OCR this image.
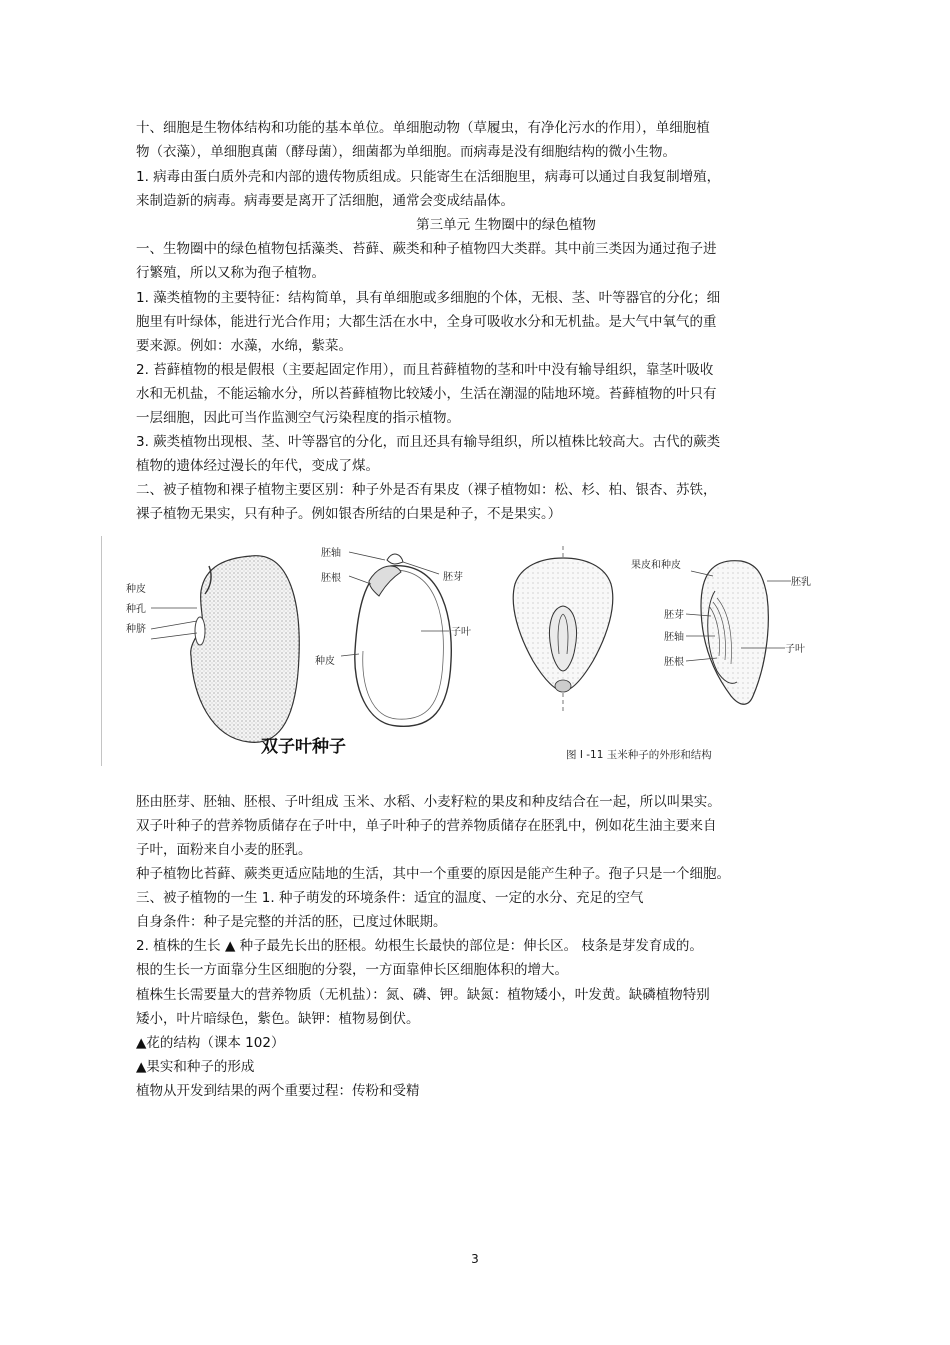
十、细胞是生物体结构和功能的基本单位。单细胞动物（草履虫，有净化污水的作用），单细胞植
物（衣藻），单细胞真菌（酵母菌），细菌都为单细胞。而病毒是没有细胞结构的微小生物。
1. 病毒由蛋白质外壳和内部的遗传物质组成。只能寄生在活细胞里，病毒可以通过自我复制增殖，
来制造新的病毒。病毒要是离开了活细胞，通常会变成结晶体。
第三单元 生物圈中的绿色植物
一、生物圈中的绿色植物包括藻类、苔藓、蕨类和种子植物四大类群。其中前三类因为通过孢子进
行繁殖，所以又称为孢子植物。
1. 藻类植物的主要特征：结构简单，具有单细胞或多细胞的个体，无根、茎、叶等器官的分化；细
胞里有叶绿体，能进行光合作用；大都生活在水中，全身可吸收水分和无机盐。是大气中氧气的重
要来源。例如：水藻，水绵，紫菜。
2. 苔藓植物的根是假根（主要起固定作用），而且苔藓植物的茎和叶中没有输导组织，靠茎叶吸收
水和无机盐，不能运输水分，所以苔藓植物比较矮小，生活在潮湿的陆地环境。苔藓植物的叶只有
一层细胞，因此可当作监测空气污染程度的指示植物。
3. 蕨类植物出现根、茎、叶等器官的分化，而且还具有输导组织，所以植株比较高大。古代的蕨类
植物的遗体经过漫长的年代，变成了煤。
二、被子植物和裸子植物主要区别：种子外是否有果皮（裸子植物如：松、杉、柏、银杏、苏铁，
裸子植物无果实，只有种子。例如银杏所结的白果是种子，不是果实。）
种皮
种孔
种脐
胚轴
胚根	胚芽
子叶
种皮
双子叶种子
果皮和种皮
胚乳
胚芽
胚轴
子叶
胚根
图 I -11 玉米种子的外形和结构
胚由胚芽、胚轴、胚根、子叶组成 玉米、水稻、小麦籽粒的果皮和种皮结合在一起，所以叫果实。
双子叶种子的营养物质储存在子叶中，单子叶种子的营养物质储存在胚乳中，例如花生油主要来自
子叶，面粉来自小麦的胚乳。
种子植物比苔藓、蕨类更适应陆地的生活，其中一个重要的原因是能产生种子。孢子只是一个细胞。
三、被子植物的一生 1. 种子萌发的环境条件：适宜的温度、一定的水分、充足的空气
自身条件：种子是完整的并活的胚，已度过休眠期。
2. 植株的生长 ▲ 种子最先长出的胚根。幼根生长最快的部位是：伸长区。 枝条是芽发育成的。
根的生长一方面靠分生区细胞的分裂，一方面靠伸长区细胞体积的增大。
植株生长需要量大的营养物质（无机盐）：氮、磷、钾。缺氮：植物矮小，叶发黄。缺磷植物特别
矮小，叶片暗绿色，紫色。缺钾：植物易倒伏。
▲花的结构（课本 102）
▲果实和种子的形成
植物从开发到结果的两个重要过程：传粉和受精
3
